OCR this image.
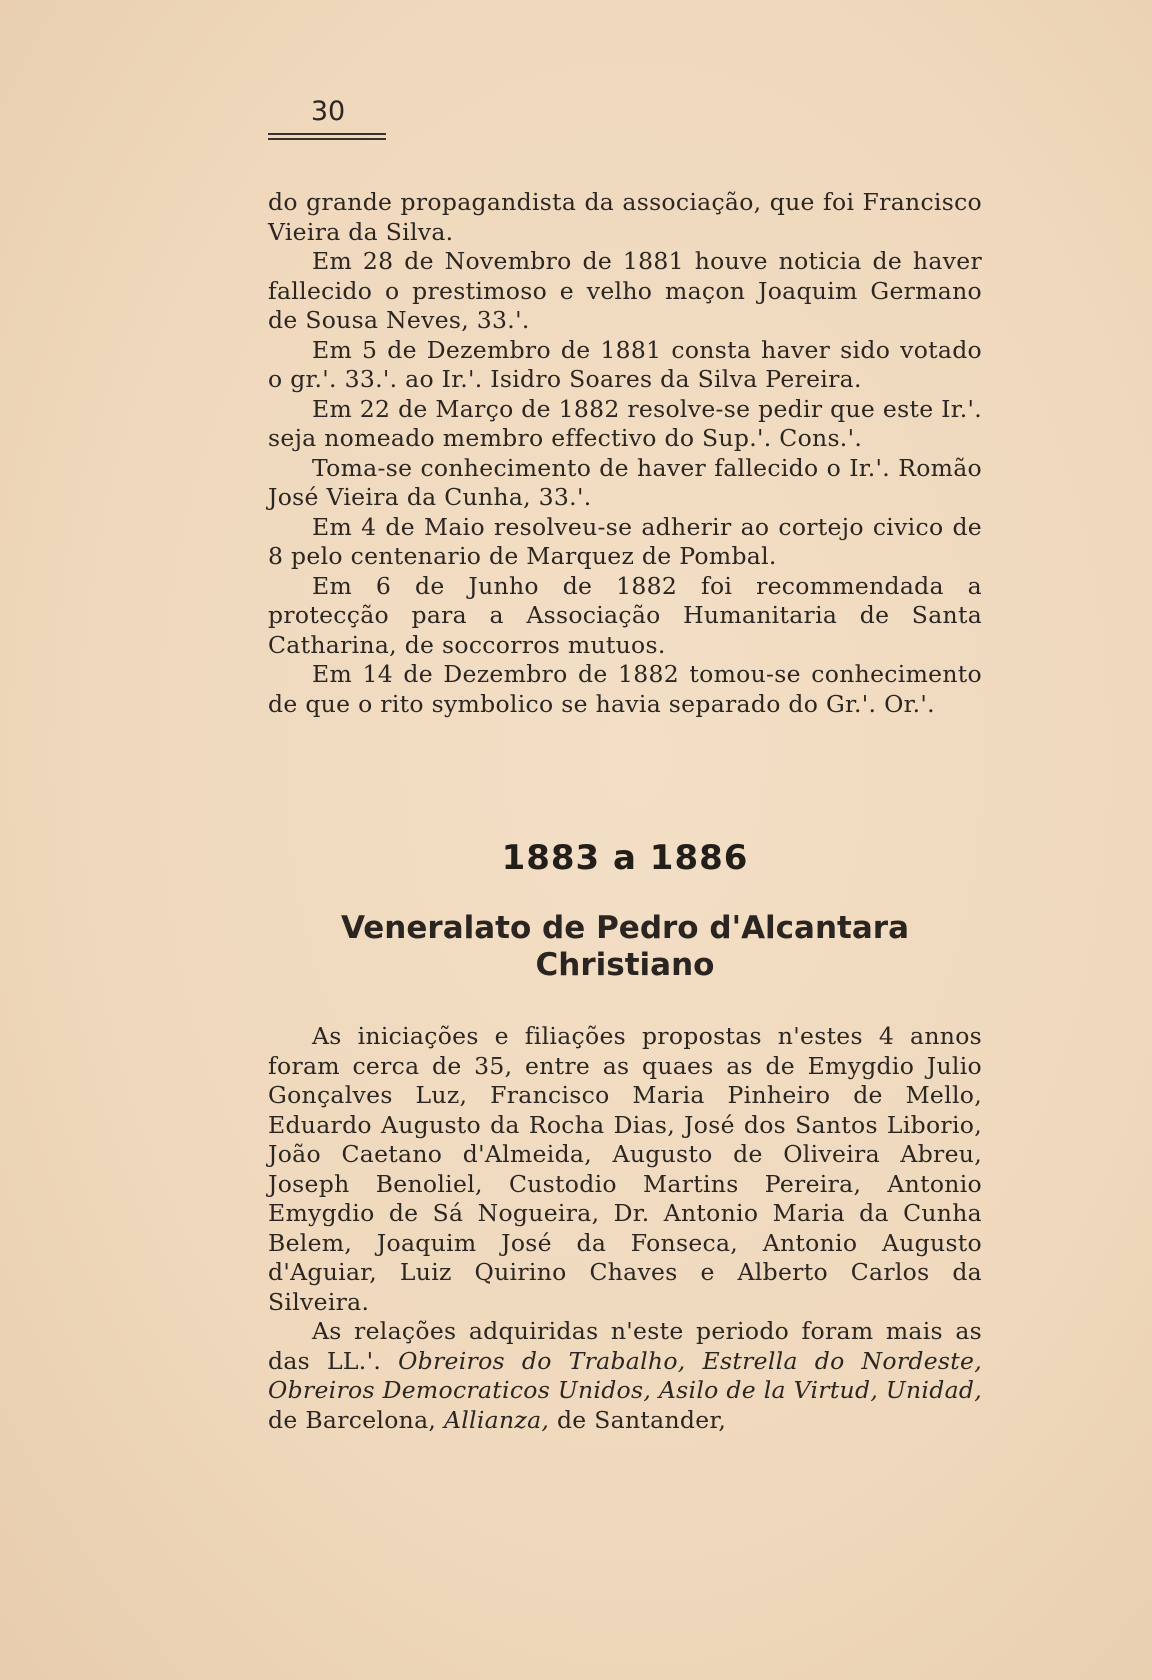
30

do grande propagandista da associação, que foi Francisco Vieira da Silva.

Em 28 de Novembro de 1881 houve noticia de haver fallecido o prestimoso e velho maçon Joaquim Germano de Sousa Neves, 33.'.

Em 5 de Dezembro de 1881 consta haver sido votado o gr.'. 33.'. ao Ir.'. Isidro Soares da Silva Pereira.

Em 22 de Março de 1882 resolve-se pedir que este Ir.'. seja nomeado membro effectivo do Sup.'. Cons.'.

Toma-se conhecimento de haver fallecido o Ir.'. Romão José Vieira da Cunha, 33.'.

Em 4 de Maio resolveu-se adherir ao cortejo civico de 8 pelo centenario de Marquez de Pombal.

Em 6 de Junho de 1882 foi recommendada a protecção para a Associação Humanitaria de Santa Catharina, de soccorros mutuos.

Em 14 de Dezembro de 1882 tomou-se conhecimento de que o rito symbolico se havia separado do Gr.'. Or.'.

1883 a 1886
Veneralato de Pedro d'Alcantara
Christiano

As iniciações e filiações propostas n'estes 4 annos foram cerca de 35, entre as quaes as de Emygdio Julio Gonçalves Luz, Francisco Maria Pinheiro de Mello, Eduardo Augusto da Rocha Dias, José dos Santos Liborio, João Caetano d'Almeida, Augusto de Oliveira Abreu, Joseph Benoliel, Custodio Martins Pereira, Antonio Emygdio de Sá Nogueira, Dr. Antonio Maria da Cunha Belem, Joaquim José da Fonseca, Antonio Augusto d'Aguiar, Luiz Quirino Chaves e Alberto Carlos da Silveira.

As relações adquiridas n'este periodo foram mais as das LL.'. Obreiros do Trabalho, Estrella do Nordeste, Obreiros Democraticos Unidos, Asilo de la Virtud, Unidad, de Barcelona, Allianza, de Santander,
